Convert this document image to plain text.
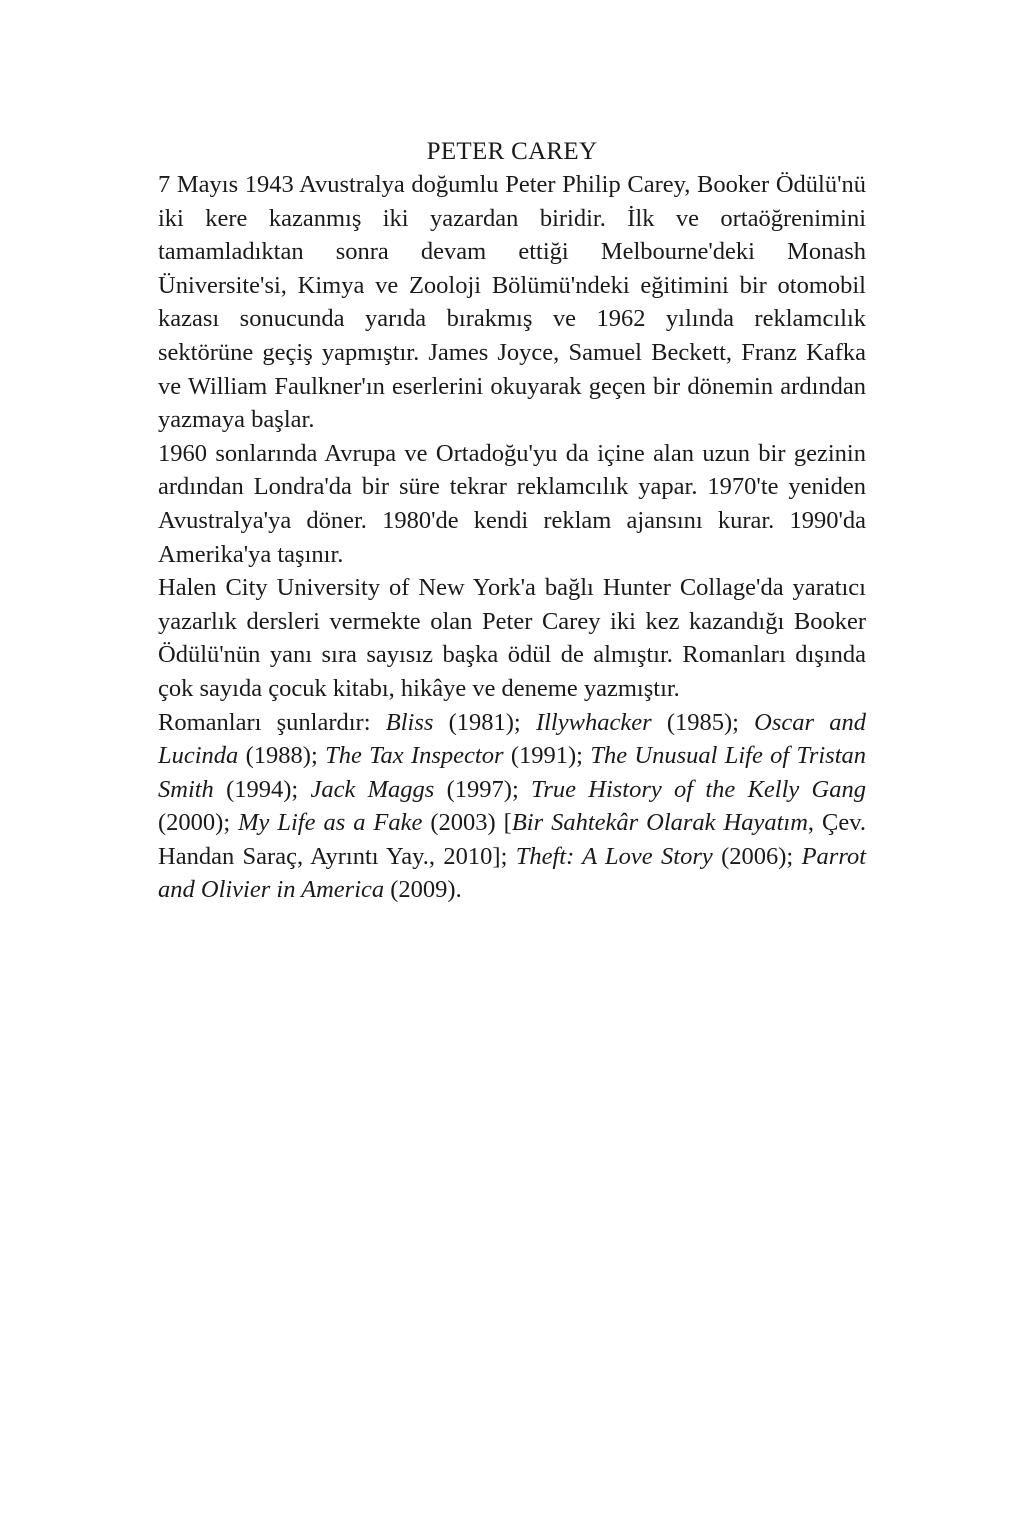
PETER CAREY

7 Mayıs 1943 Avustralya doğumlu Peter Philip Carey, Booker Ödülü'nü iki kere kazanmış iki yazardan biridir. İlk ve ortaöğrenimini tamamladıktan sonra devam ettiği Melbourne'deki Monash Üniversite'si, Kimya ve Zooloji Bölümü'ndeki eğitimini bir otomobil kazası sonucunda yarıda bırakmış ve 1962 yılında reklamcılık sektörüne geçiş yapmıştır. James Joyce, Samuel Beckett, Franz Kafka ve William Faulkner'ın eserlerini okuyarak geçen bir dönemin ardından yazmaya başlar.

1960 sonlarında Avrupa ve Ortadoğu'yu da içine alan uzun bir gezinin ardından Londra'da bir süre tekrar reklamcılık yapar. 1970'te yeniden Avustralya'ya döner. 1980'de kendi reklam ajansını kurar. 1990'da Amerika'ya taşınır.

Halen City University of New York'a bağlı Hunter Collage'da yaratıcı yazarlık dersleri vermekte olan Peter Carey iki kez kazandığı Booker Ödülü'nün yanı sıra sayısız başka ödül de almıştır. Romanları dışında çok sayıda çocuk kitabı, hikâye ve deneme yazmıştır.

Romanları şunlardır: Bliss (1981); Illywhacker (1985); Oscar and Lucinda (1988); The Tax Inspector (1991); The Unusual Life of Tristan Smith (1994); Jack Maggs (1997); True History of the Kelly Gang (2000); My Life as a Fake (2003) [Bir Sahtekâr Olarak Hayatım, Çev. Handan Saraç, Ayrıntı Yay., 2010]; Theft: A Love Story (2006); Parrot and Olivier in America (2009).
